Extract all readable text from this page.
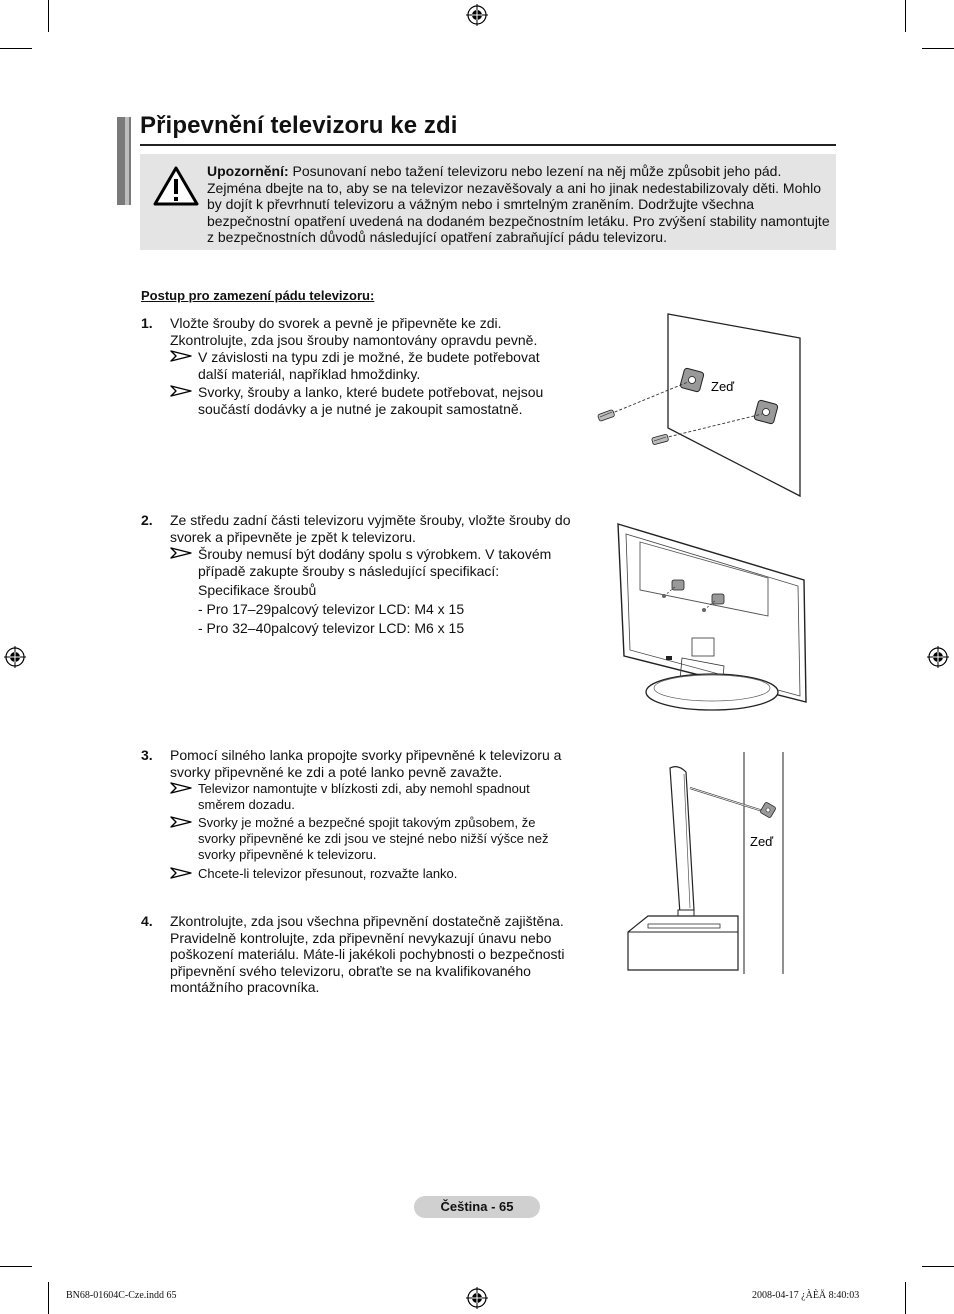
Připevnění televizoru ke zdi
Upozornění: Posunovaní nebo tažení televizoru nebo lezení na něj může způsobit jeho pád. Zejména dbejte na to, aby se na televizor nezavěšovaly a ani ho jinak nedestabilizovaly děti. Mohlo by dojít k převrhnutí televizoru a vážným nebo i smrtelným zraněním. Dodržujte všechna bezpečnostní opatření uvedená na dodaném bezpečnostním letáku. Pro zvýšení stability namontujte z bezpečnostních důvodů následující opatření zabraňující pádu televizoru.
Postup pro zamezení pádu televizoru:
1. Vložte šrouby do svorek a pevně je připevněte ke zdi. Zkontrolujte, zda jsou šrouby namontovány opravdu pevně.
V závislosti na typu zdi je možné, že budete potřebovat další materiál, například hmoždinky.
Svorky, šrouby a lanko, které budete potřebovat, nejsou součástí dodávky a je nutné je zakoupit samostatně.
Zeď
2. Ze středu zadní části televizoru vyjměte šrouby, vložte šrouby do svorek a připevněte je zpět k televizoru.
Šrouby nemusí být dodány spolu s výrobkem. V takovém případě zakupte šrouby s následující specifikací:
Specifikace šroubů
- Pro 17–29palcový televizor LCD: M4 x 15
- Pro 32–40palcový televizor LCD: M6 x 15
3. Pomocí silného lanka propojte svorky připevněné k televizoru a svorky připevněné ke zdi a poté lanko pevně zavažte.
Televizor namontujte v blízkosti zdi, aby nemohl spadnout směrem dozadu.
Svorky je možné a bezpečné spojit takovým způsobem, že svorky připevněné ke zdi jsou ve stejné nebo nižší výšce než svorky připevněné k televizoru.
Chcete-li televizor přesunout, rozvažte lanko.
Zeď
4. Zkontrolujte, zda jsou všechna připevnění dostatečně zajištěna. Pravidelně kontrolujte, zda připevnění nevykazují únavu nebo poškození materiálu. Máte-li jakékoli pochybnosti o bezpečnosti připevnění svého televizoru, obraťte se na kvalifikovaného montážního pracovníka.
Čeština - 65
BN68-01604C-Cze.indd 65	2008-04-17 ¿ÀÈÄ 8:40:03
